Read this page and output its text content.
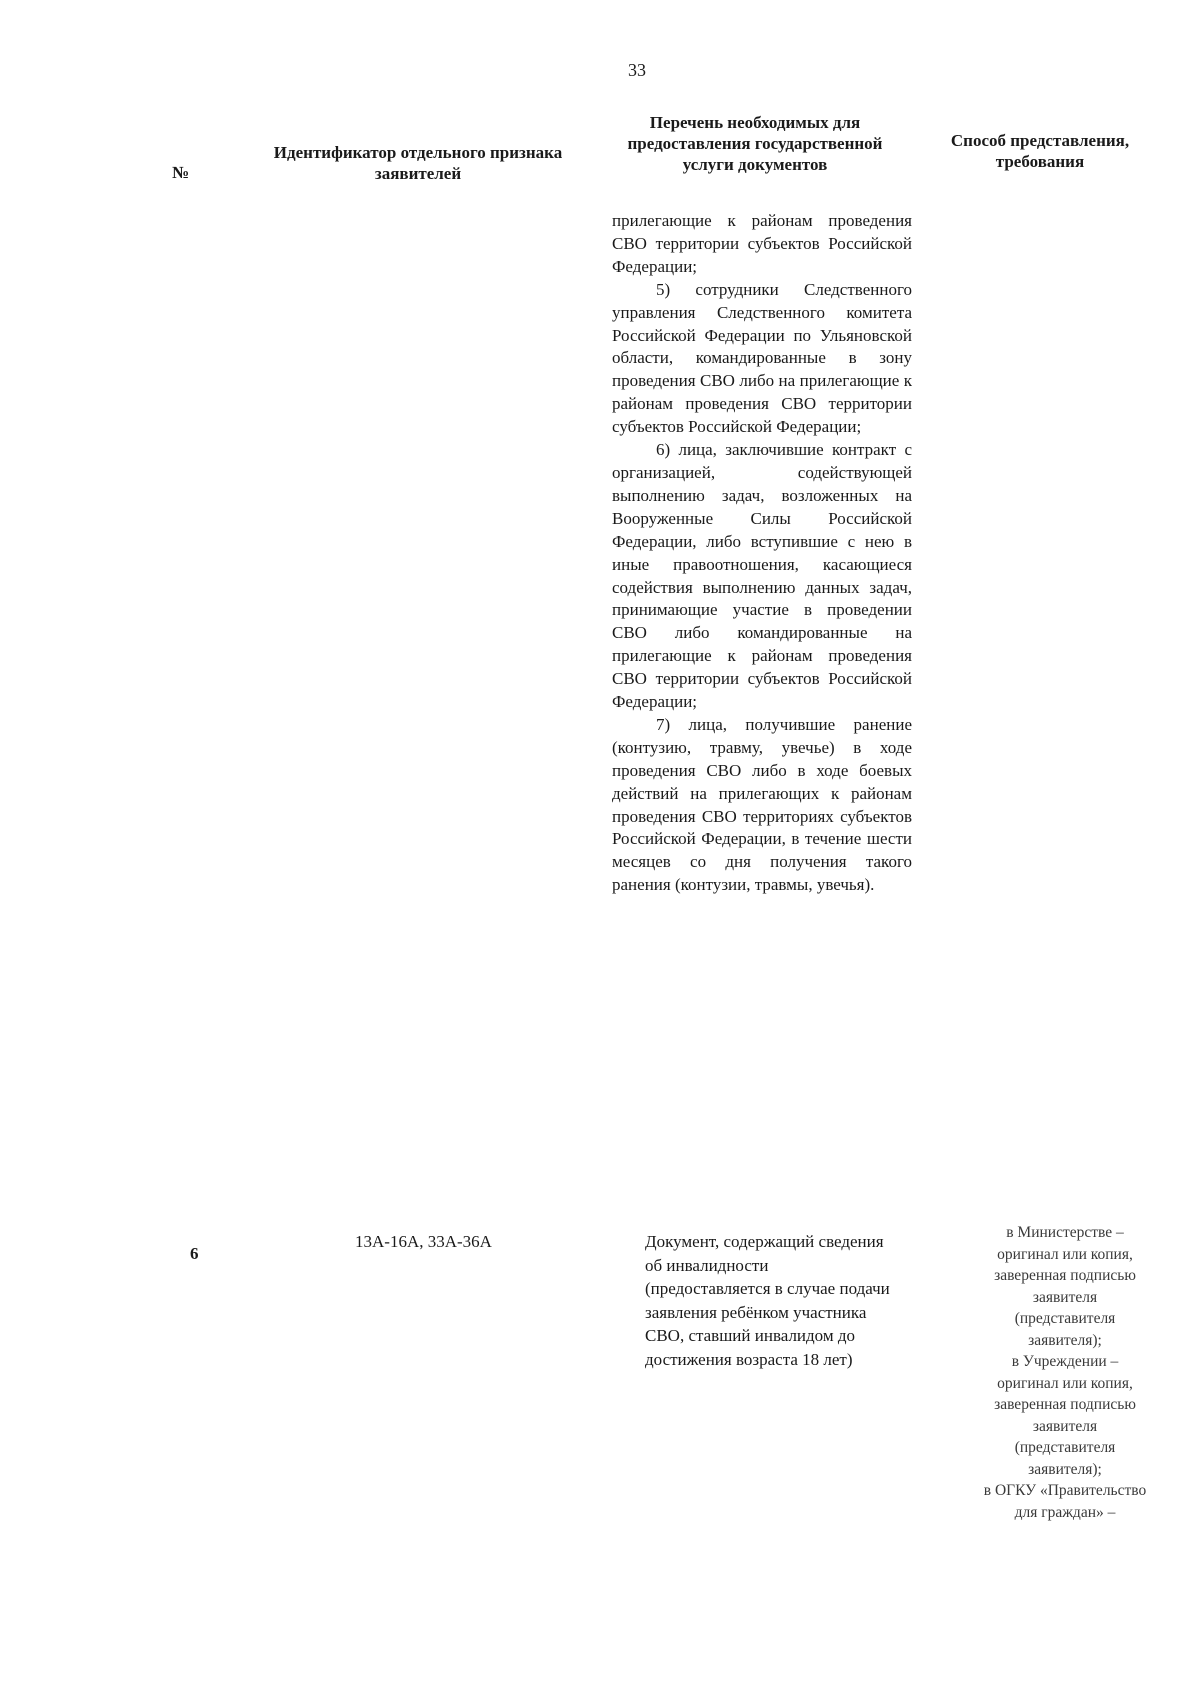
33
№
Идентификатор отдельного признака заявителей
Перечень необходимых для предоставления государственной услуги документов
Способ представления, требования

прилегающие к районам проведения СВО территории субъектов Российской Федерации;

5) сотрудники Следственного управления Следственного комитета Российской Федерации по Ульяновской области, командированные в зону проведения СВО либо на прилегающие к районам проведения СВО территории субъектов Российской Федерации;

6) лица, заключившие контракт с организацией, содействующей выполнению задач, возложенных на Вооруженные Силы Российской Федерации, либо вступившие с нею в иные правоотношения, касающиеся содействия выполнению данных задач, принимающие участие в проведении СВО либо командированные на прилегающие к районам проведения СВО территории субъектов Российской Федерации;

7) лица, получившие ранение (контузию, травму, увечье) в ходе проведения СВО либо в ходе боевых действий на прилегающих к районам проведения СВО территориях субъектов Российской Федерации, в течение шести месяцев со дня получения такого ранения (контузии, травмы, увечья).

6
13А-16А, 33А-36А	Документ, содержащий сведения об инвалидности (предоставляется в случае подачи заявления ребёнком участника СВО, ставший инвалидом до достижения возраста 18 лет)
в Министерстве –
оригинал или копия,
заверенная подписью
заявителя
(представителя
заявителя);
в Учреждении –
оригинал или копия,
заверенная подписью
заявителя
(представителя
заявителя);
в ОГКУ «Правительство
для граждан» –
